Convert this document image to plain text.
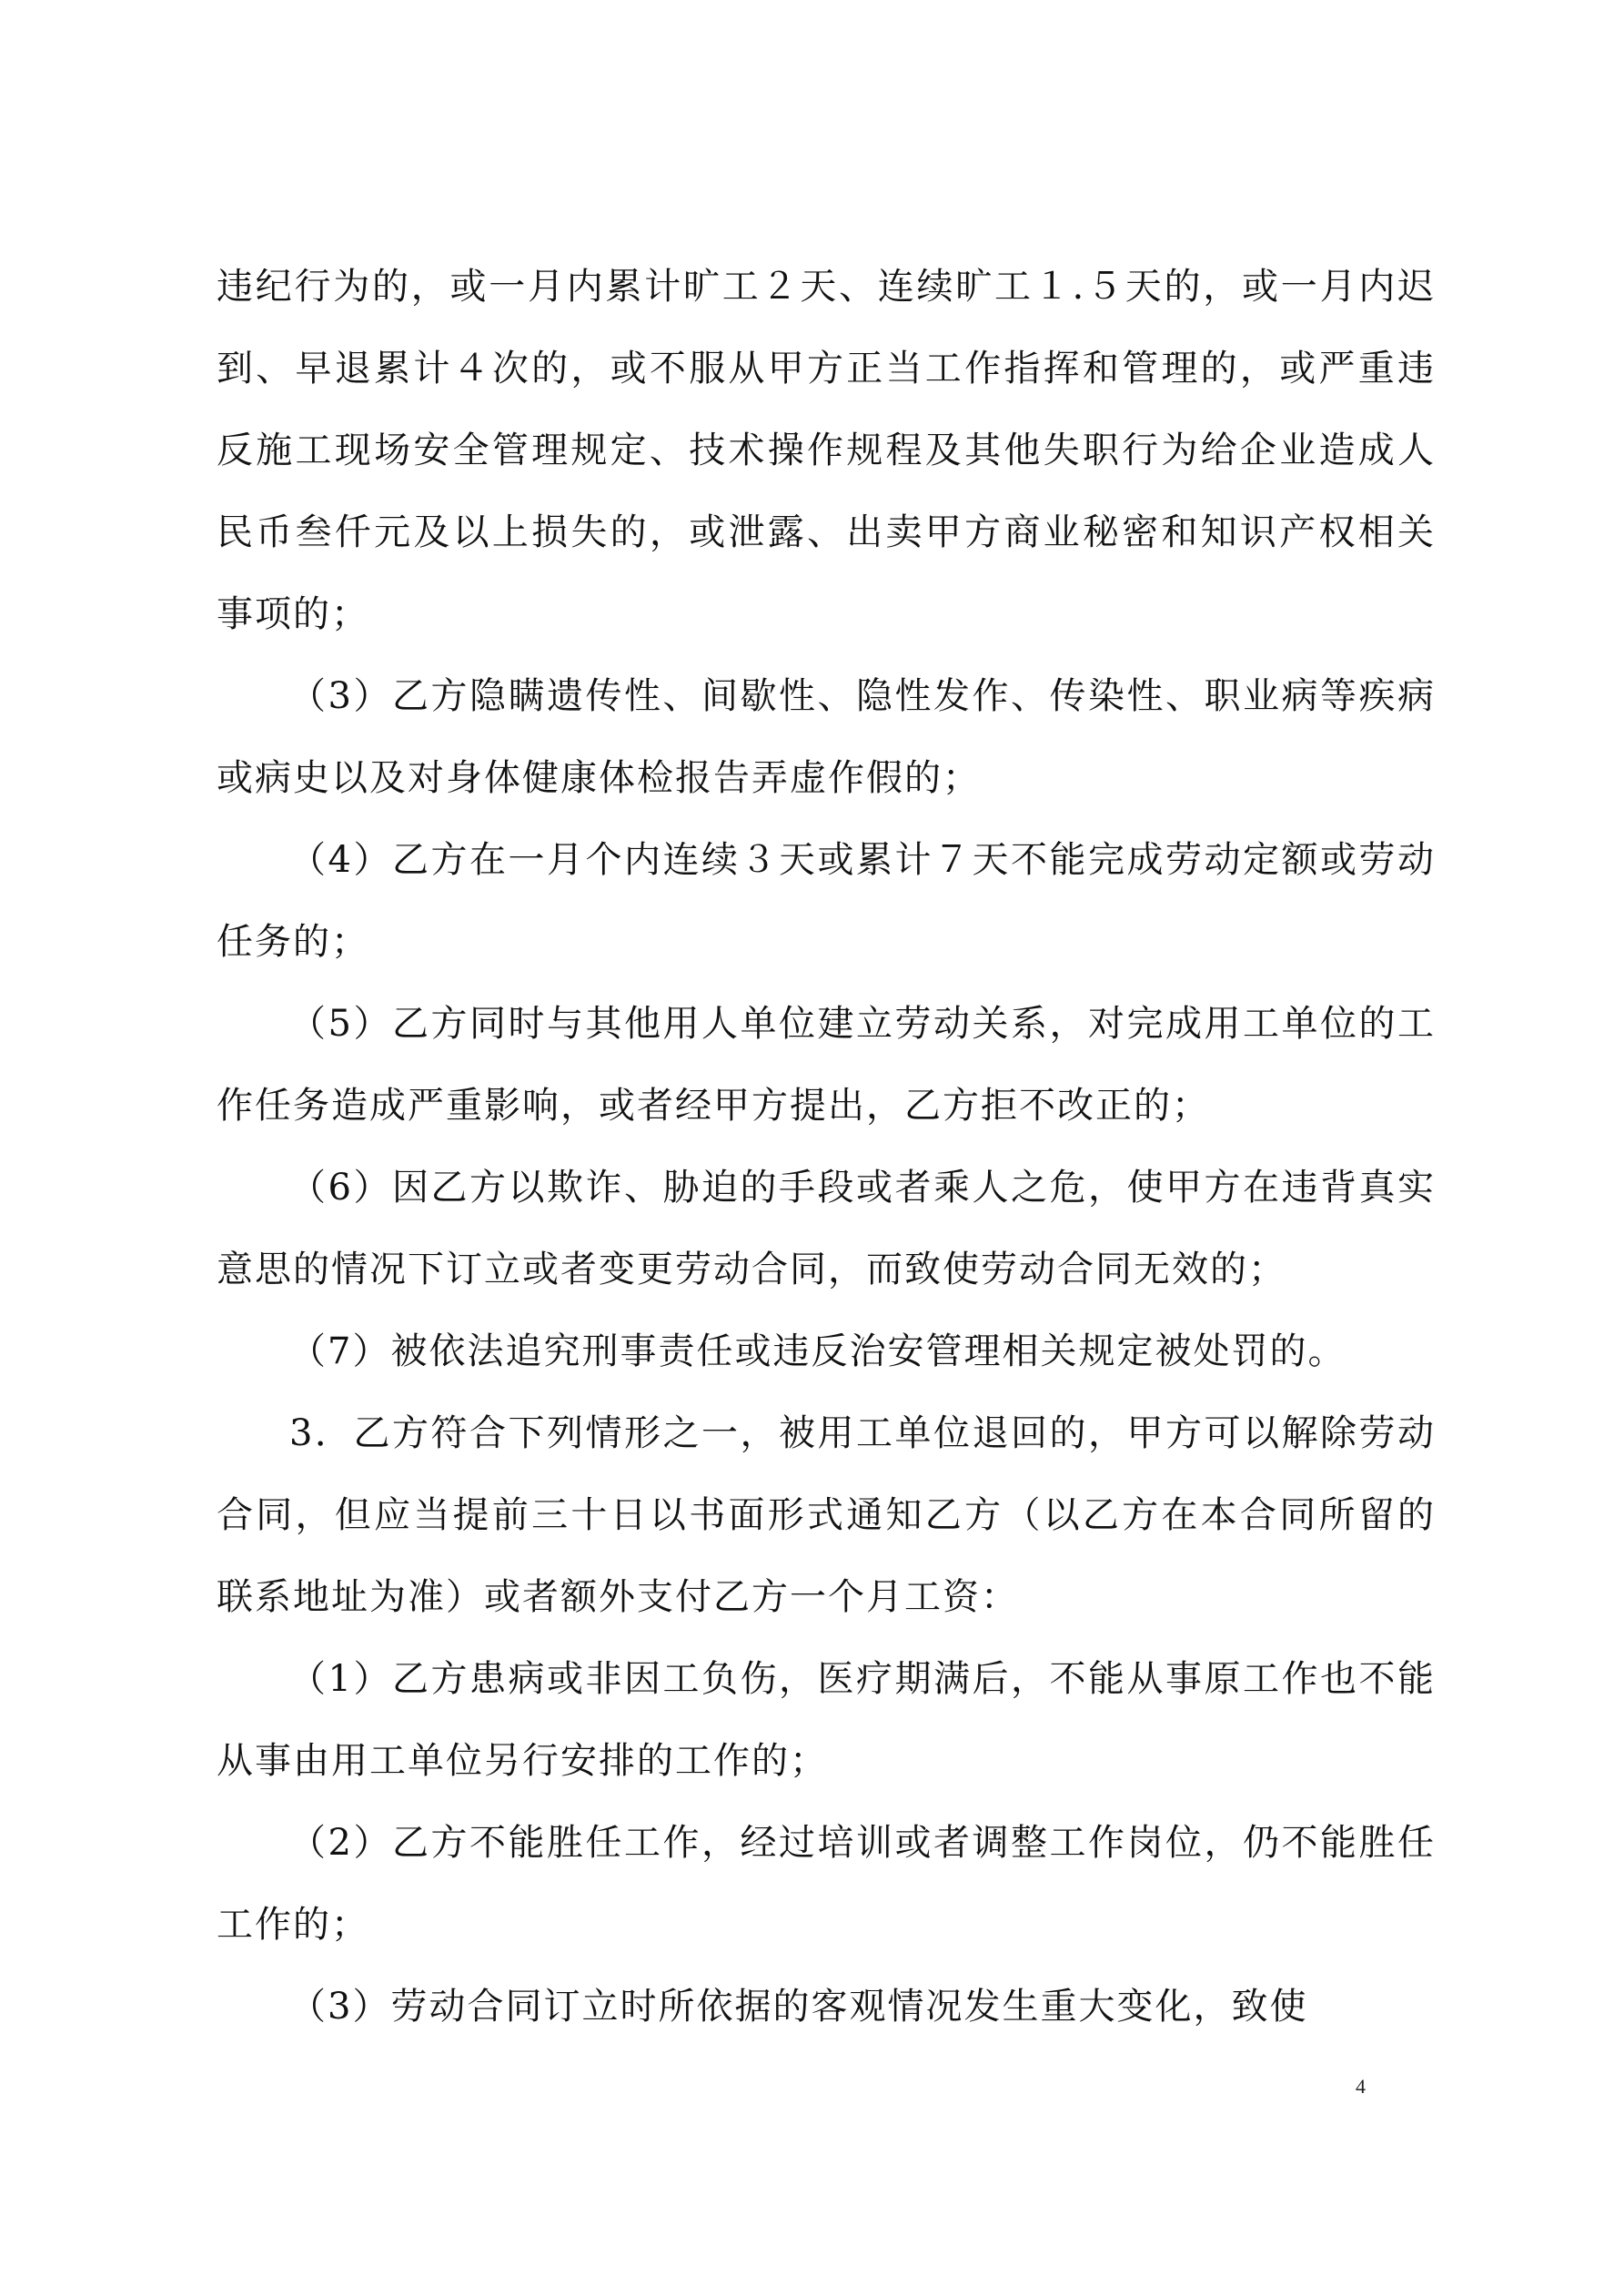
违纪行为的，或一月内累计旷工２天、连续旷工１.５天的，或一月内迟到、早退累计４次的，或不服从甲方正当工作指挥和管理的，或严重违反施工现场安全管理规定、技术操作规程及其他失职行为给企业造成人民币叁仟元及以上损失的，或泄露、出卖甲方商业秘密和知识产权相关事项的；

（3）乙方隐瞒遗传性、间歇性、隐性发作、传染性、职业病等疾病或病史以及对身体健康体检报告弄虚作假的；

（4）乙方在一月个内连续３天或累计７天不能完成劳动定额或劳动任务的；

（5）乙方同时与其他用人单位建立劳动关系，对完成用工单位的工作任务造成严重影响，或者经甲方提出，乙方拒不改正的；

（6）因乙方以欺诈、胁迫的手段或者乘人之危，使甲方在违背真实意思的情况下订立或者变更劳动合同，而致使劳动合同无效的；

（7）被依法追究刑事责任或违反治安管理相关规定被处罚的。

3．乙方符合下列情形之一，被用工单位退回的，甲方可以解除劳动合同，但应当提前三十日以书面形式通知乙方（以乙方在本合同所留的联系地址为准）或者额外支付乙方一个月工资：

（1）乙方患病或非因工负伤，医疗期满后，不能从事原工作也不能从事由用工单位另行安排的工作的；

（2）乙方不能胜任工作，经过培训或者调整工作岗位，仍不能胜任工作的；

（3）劳动合同订立时所依据的客观情况发生重大变化，致使

4
